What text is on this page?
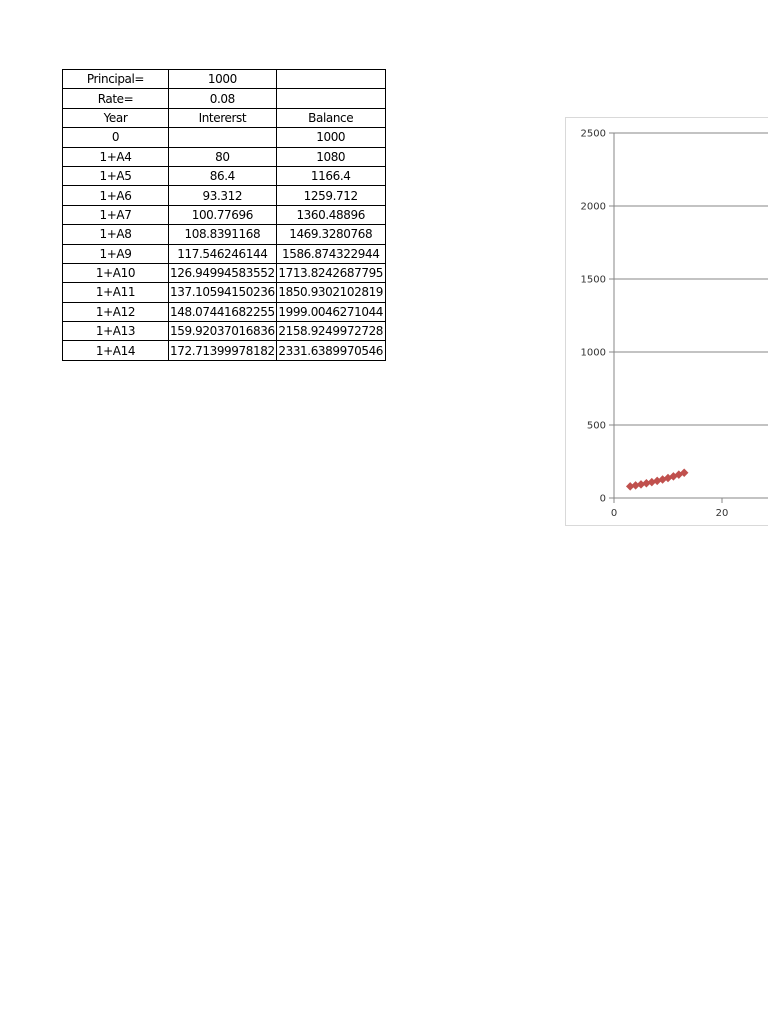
Principal=	1000	
Rate=	0.08	
Year	Intererst	Balance
0		1000
1+A4	80	1080
1+A5	86.4	1166.4
1+A6	93.312	1259.712
1+A7	100.77696	1360.48896
1+A8	108.8391168	1469.3280768
1+A9	117.546246144	1586.874322944
1+A10	126.94994583552	1713.8242687795
1+A11	137.10594150236	1850.9302102819
1+A12	148.07441682255	1999.0046271044
1+A13	159.92037016836	2158.9249972728
1+A14	172.71399978182	2331.6389970546
0
500
1000
1500
2000
2500
0	20
